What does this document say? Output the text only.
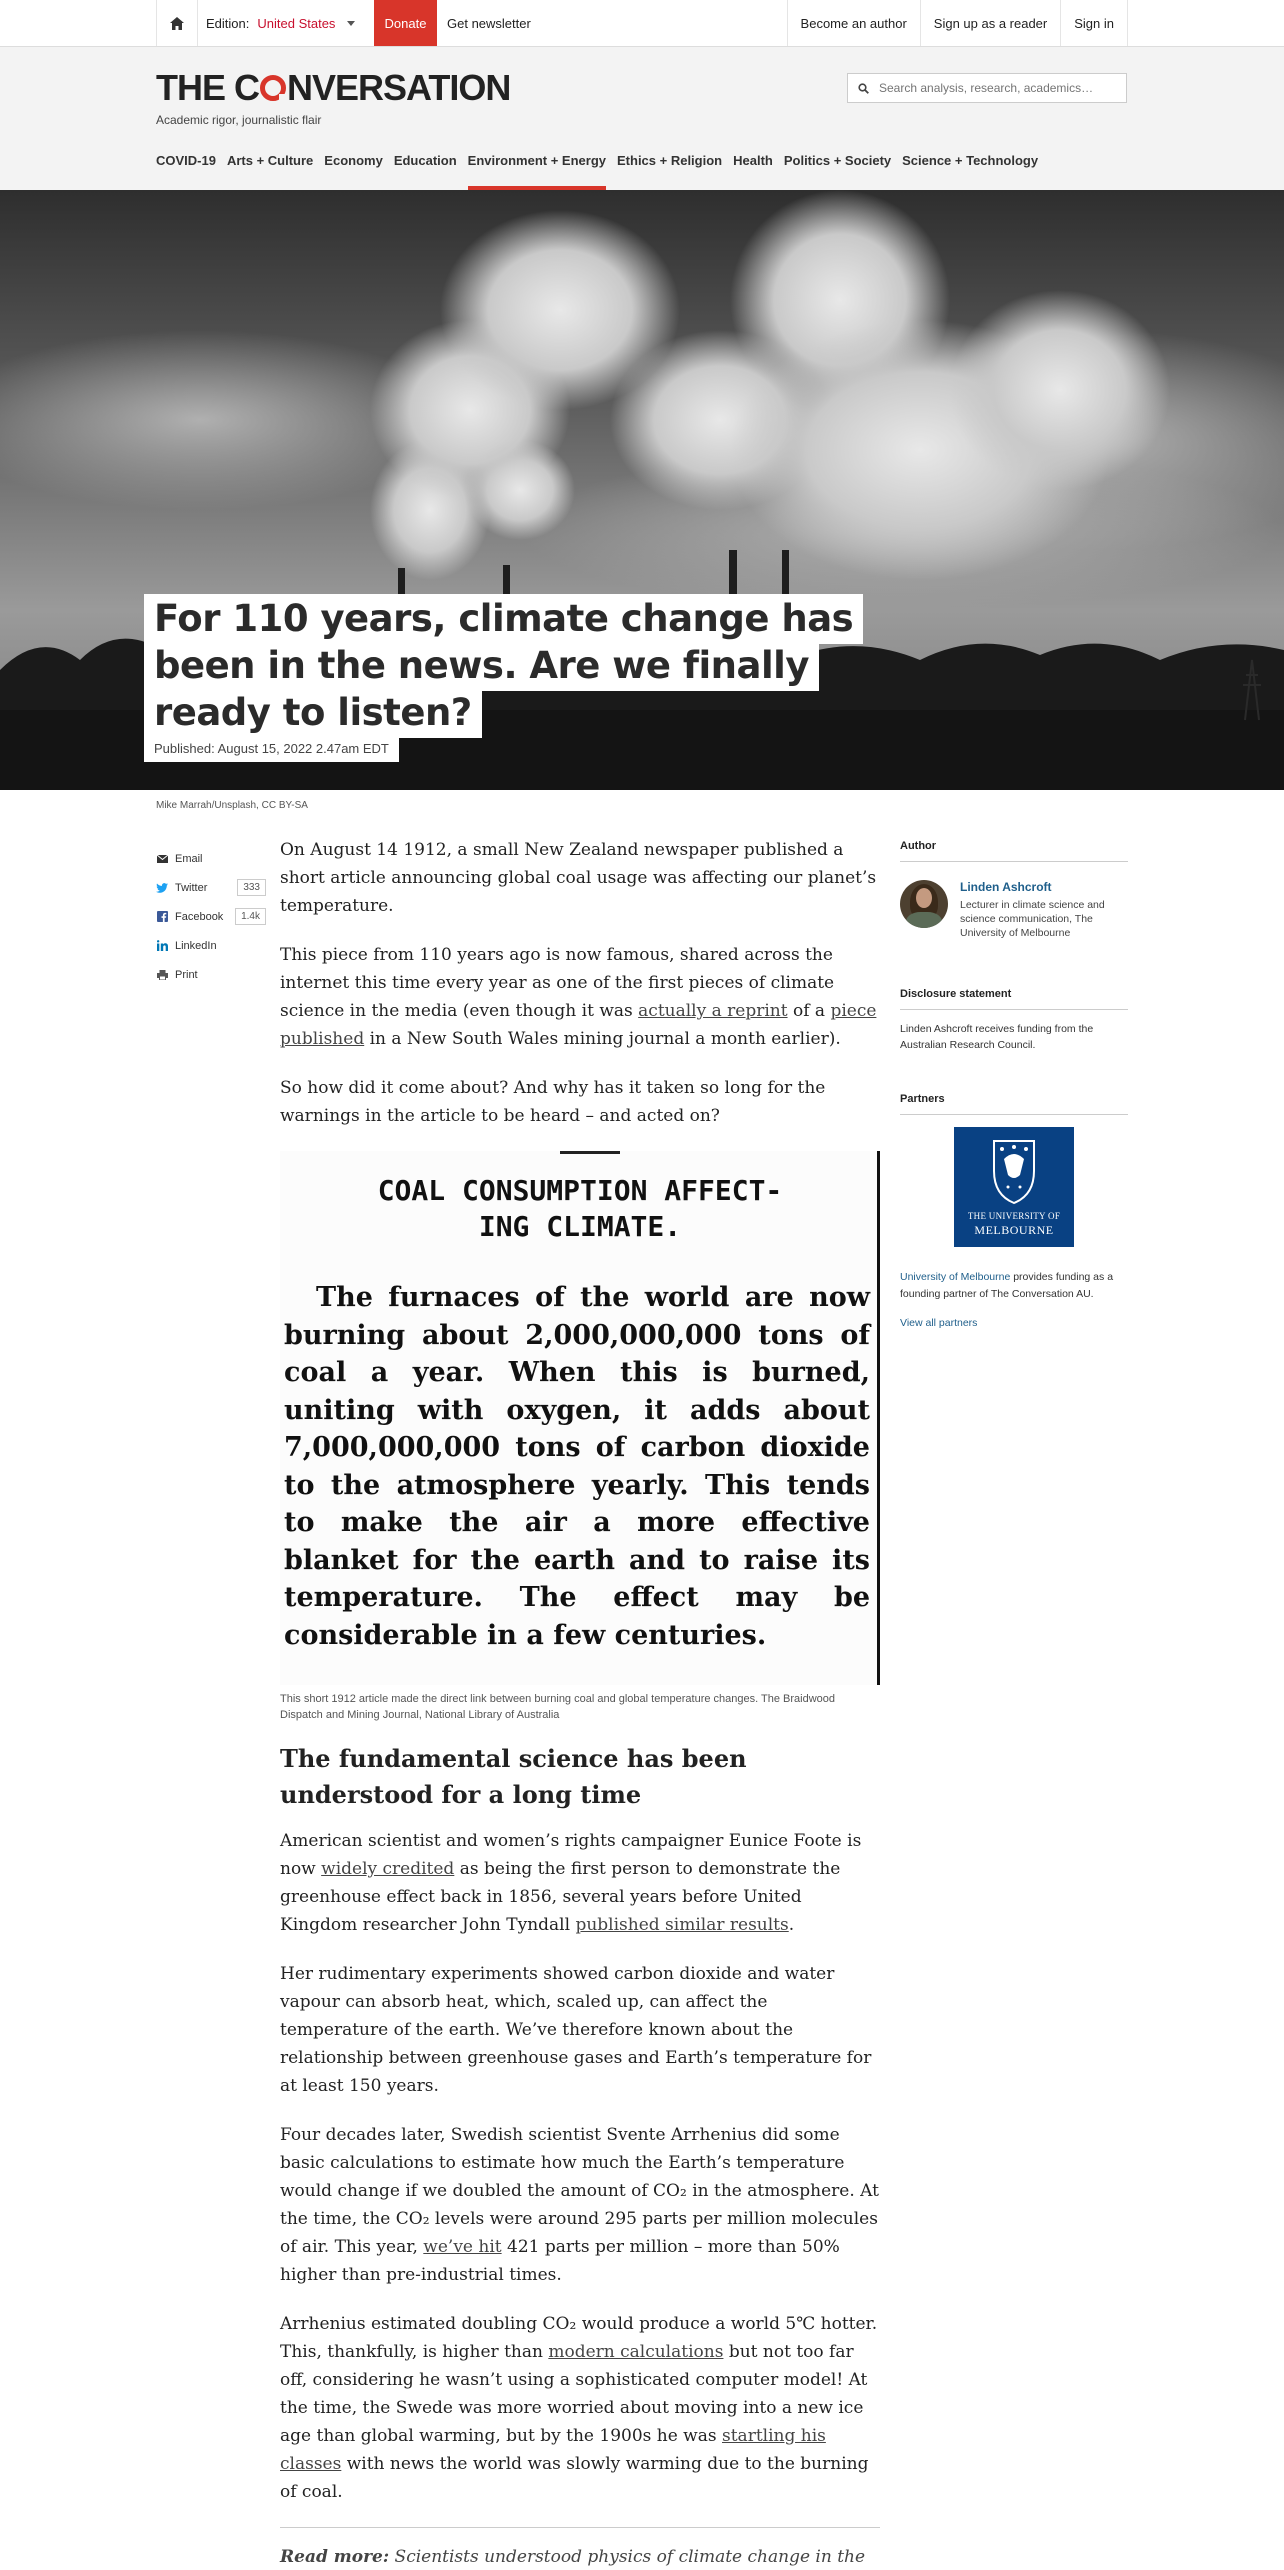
Edition: United States	Donate	Get newsletter	Become an author	Sign up as a reader	Sign in
THE C NVERSATION
Academic rigor, journalistic flair
Search analysis, research, academics…
COVID-19 Arts + Culture Economy Education Environment + Energy Ethics + Religion Health Politics + Society Science + Technology
For 110 years, climate change has
been in the news. Are we finally
ready to listen?
Published: August 15, 2022 2.47am EDT
Mike Marrah/Unsplash, CC BY-SA
Email
Twitter	333
Facebook	1.4k
LinkedIn
Print

On August 14 1912, a small New Zealand newspaper published a short article announcing global coal usage was affecting our planet’s temperature.

This piece from 110 years ago is now famous, shared across the internet this time every year as one of the first pieces of climate science in the media (even though it was actually a reprint of a piece published in a New South Wales mining journal a month earlier).

So how did it come about? And why has it taken so long for the warnings in the article to be heard – and acted on?

COAL CONSUMPTION AFFECT-
ING CLIMATE.
The furnaces of the world are now burning about 2,000,000,000 tons of coal a year. When this is burned, uniting with oxygen, it adds about 7,000,000,000 tons of carbon dioxide to the atmosphere yearly. This tends to make the air a more effective blanket for the earth and to raise its temperature. The effect may be considerable in a few centuries.
This short 1912 article made the direct link between burning coal and global temperature changes. The Braidwood Dispatch and Mining Journal, National Library of Australia
The fundamental science has been understood for a long time

American scientist and women’s rights campaigner Eunice Foote is now widely credited as being the first person to demonstrate the greenhouse effect back in 1856, several years before United Kingdom researcher John Tyndall published similar results.

Her rudimentary experiments showed carbon dioxide and water vapour can absorb heat, which, scaled up, can affect the temperature of the earth. We’ve therefore known about the relationship between greenhouse gases and Earth’s temperature for at least 150 years.

Four decades later, Swedish scientist Svente Arrhenius did some basic calculations to estimate how much the Earth’s temperature would change if we doubled the amount of CO₂ in the atmosphere. At the time, the CO₂ levels were around 295 parts per million molecules of air. This year, we’ve hit 421 parts per million – more than 50% higher than pre-industrial times.

Arrhenius estimated doubling CO₂ would produce a world 5℃ hotter. This, thankfully, is higher than modern calculations but not too far off, considering he wasn’t using a sophisticated computer model! At the time, the Swede was more worried about moving into a new ice age than global warming, but by the 1900s he was startling his classes with news the world was slowly warming due to the burning of coal.

Read more: Scientists understood physics of climate change in the
Author
Linden Ashcroft
Lecturer in climate science and science communication, The University of Melbourne
Disclosure statement
Linden Ashcroft receives funding from the Australian Research Council.
Partners
THE UNIVERSITY OF
MELBOURNE
University of Melbourne provides funding as a founding partner of The Conversation AU.
View all partners
